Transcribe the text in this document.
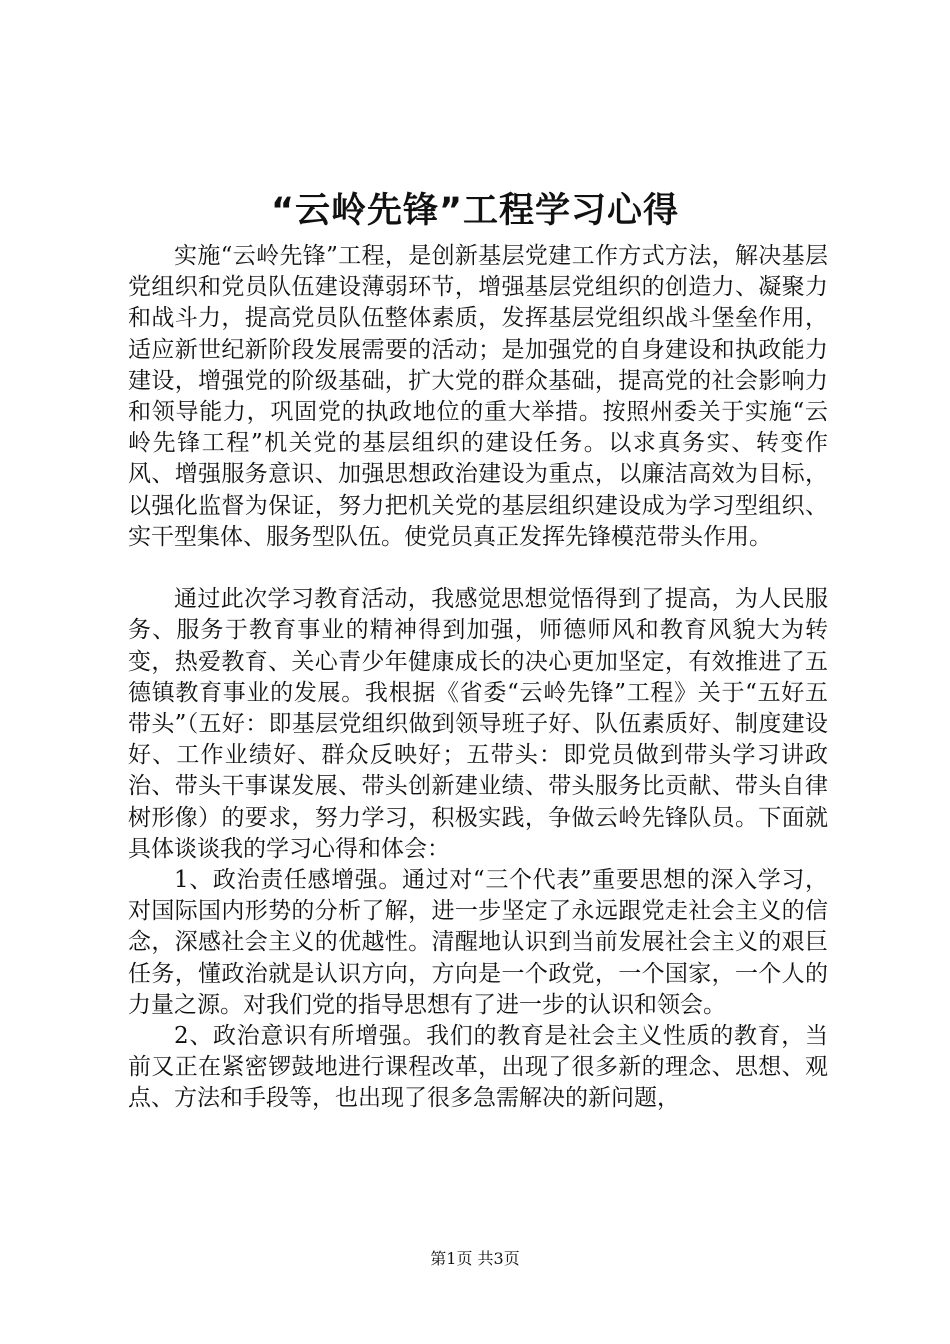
“云岭先锋”工程学习心得

实施“云岭先锋”工程，是创新基层党建工作方式方法，解决基层党组织和党员队伍建设薄弱环节，增强基层党组织的创造力、凝聚力和战斗力，提高党员队伍整体素质，发挥基层党组织战斗堡垒作用，适应新世纪新阶段发展需要的活动；是加强党的自身建设和执政能力建设，增强党的阶级基础，扩大党的群众基础，提高党的社会影响力和领导能力，巩固党的执政地位的重大举措。按照州委关于实施“云岭先锋工程”机关党的基层组织的建设任务。以求真务实、转变作风、增强服务意识、加强思想政治建设为重点，以廉洁高效为目标，以强化监督为保证，努力把机关党的基层组织建设成为学习型组织、实干型集体、服务型队伍。使党员真正发挥先锋模范带头作用。

通过此次学习教育活动，我感觉思想觉悟得到了提高，为人民服务、服务于教育事业的精神得到加强，师德师风和教育风貌大为转变，热爱教育、关心青少年健康成长的决心更加坚定，有效推进了五德镇教育事业的发展。我根据《省委“云岭先锋”工程》关于“五好五带头”（五好：即基层党组织做到领导班子好、队伍素质好、制度建设好、工作业绩好、群众反映好；五带头：即党员做到带头学习讲政治、带头干事谋发展、带头创新建业绩、带头服务比贡献、带头自律树形像）的要求，努力学习，积极实践，争做云岭先锋队员。下面就具体谈谈我的学习心得和体会：

1、政治责任感增强。通过对“三个代表”重要思想的深入学习，对国际国内形势的分析了解，进一步坚定了永远跟党走社会主义的信念，深感社会主义的优越性。清醒地认识到当前发展社会主义的艰巨任务，懂政治就是认识方向，方向是一个政党，一个国家，一个人的力量之源。对我们党的指导思想有了进一步的认识和领会。

2、政治意识有所增强。我们的教育是社会主义性质的教育，当前又正在紧密锣鼓地进行课程改革，出现了很多新的理念、思想、观点、方法和手段等，也出现了很多急需解决的新问题，

第1页 共3页
